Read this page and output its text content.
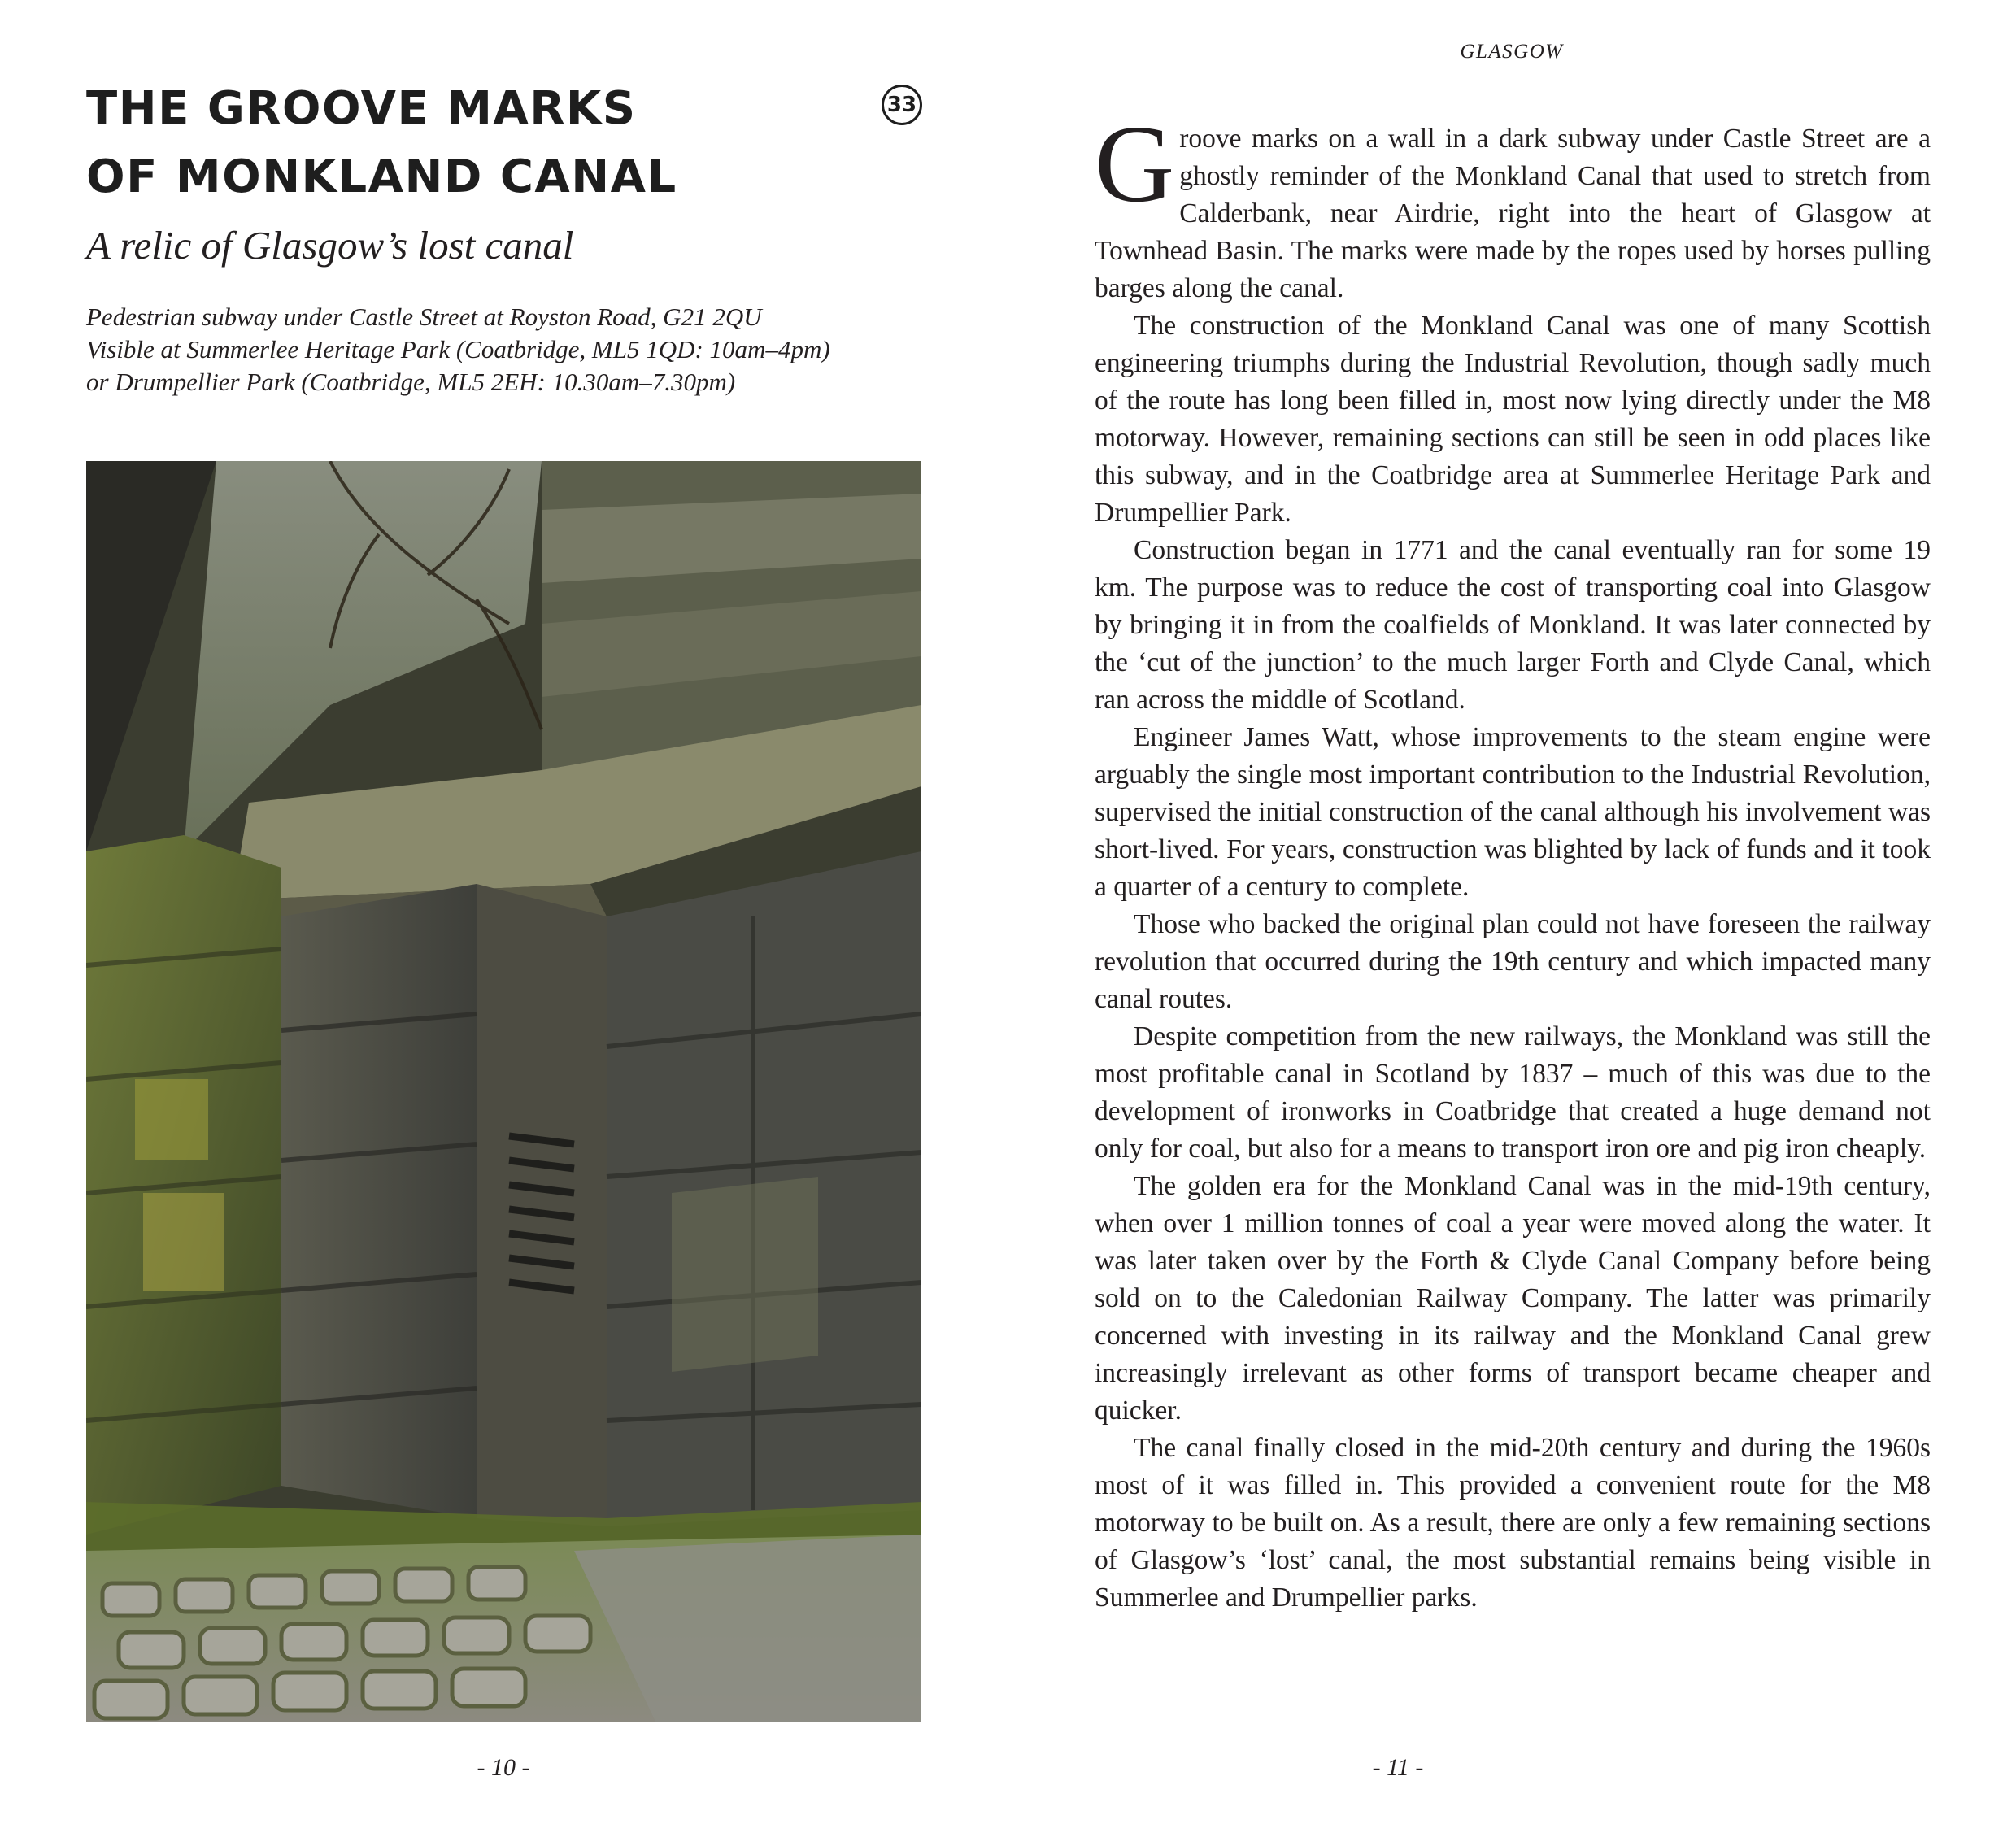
THE GROOVE MARKS
OF MONKLAND CANAL
33

A relic of Glasgow’s lost canal

Pedestrian subway under Castle Street at Royston Road, G21 2QU
Visible at Summerlee Heritage Park (Coatbridge, ML5 1QD: 10am–4pm)
or Drumpellier Park (Coatbridge, ML5 2EH: 10.30am–7.30pm)

- 10 -
GLASGOW

Groove marks on a wall in a dark subway under Castle Street are a ghostly reminder of the Monkland Canal that used to stretch from Calderbank, near Airdrie, right into the heart of Glasgow at Townhead Basin. The marks were made by the ropes used by horses pulling barges along the canal.

The construction of the Monkland Canal was one of many Scottish engineering triumphs during the Industrial Revolution, though sadly much of the route has long been filled in, most now lying directly under the M8 motorway. However, remaining sections can still be seen in odd places like this subway, and in the Coatbridge area at Summerlee Heritage Park and Drumpellier Park.

Construction began in 1771 and the canal eventually ran for some 19 km. The purpose was to reduce the cost of transporting coal into Glasgow by bringing it in from the coalfields of Monkland. It was later connected by the ‘cut of the junction’ to the much larger Forth and Clyde Canal, which ran across the middle of Scotland.

Engineer James Watt, whose improvements to the steam engine were arguably the single most important contribution to the Industrial Revolution, supervised the initial construction of the canal although his involvement was short-lived. For years, construction was blighted by lack of funds and it took a quarter of a century to complete.

Those who backed the original plan could not have foreseen the railway revolution that occurred during the 19th century and which impacted many canal routes.

Despite competition from the new railways, the Monkland was still the most profitable canal in Scotland by 1837 – much of this was due to the development of ironworks in Coatbridge that created a huge demand not only for coal, but also for a means to transport iron ore and pig iron cheaply.

The golden era for the Monkland Canal was in the mid-19th century, when over 1 million tonnes of coal a year were moved along the water. It was later taken over by the Forth & Clyde Canal Company before being sold on to the Caledonian Railway Company. The latter was primarily concerned with investing in its railway and the Monkland Canal grew increasingly irrelevant as other forms of transport became cheaper and quicker.

The canal finally closed in the mid-20th century and during the 1960s most of it was filled in. This provided a convenient route for the M8 motorway to be built on. As a result, there are only a few remaining sections of Glasgow’s ‘lost’ canal, the most substantial remains being visible in Summerlee and Drumpellier parks.

- 11 -
